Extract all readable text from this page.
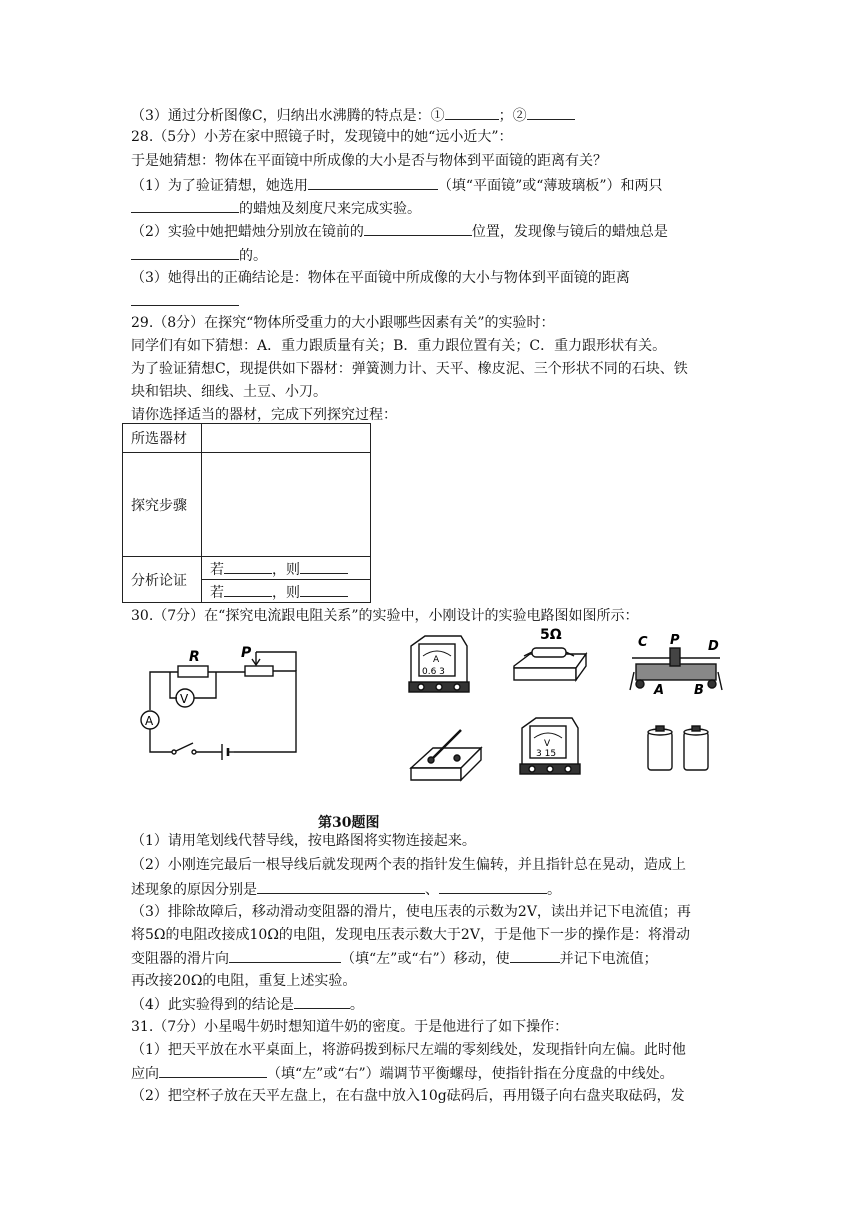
（3）通过分析图像C，归纳出水沸腾的特点是：①	；②
28.（5分）小芳在家中照镜子时，发现镜中的她“远小近大”：
于是她猜想：物体在平面镜中所成像的大小是否与物体到平面镜的距离有关？
（1）为了验证猜想，她选用	（填“平面镜”或“薄玻璃板”）和两只
的蜡烛及刻度尺来完成实验。
（2）实验中她把蜡烛分别放在镜前的	位置，发现像与镜后的蜡烛总是
的。
（3）她得出的正确结论是：物体在平面镜中所成像的大小与物体到平面镜的距离
29.（8分）在探究“物体所受重力的大小跟哪些因素有关”的实验时：
同学们有如下猜想：A．重力跟质量有关；B．重力跟位置有关；C．重力跟形状有关。
为了验证猜想C，现提供如下器材：弹簧测力计、天平、橡皮泥、三个形状不同的石块、铁
块和铝块、细线、土豆、小刀。
请你选择适当的器材，完成下列探究过程：
所选器材	
探究步骤	
分析论证	若 ，则
	若 ，则
30.（7分）在“探究电流跟电阻关系”的实验中，小刚设计的实验电路图如图所示：
R	P
A
V
A
0.6 3
5Ω	C P D
A B
V
3 15
第30题图
（1）请用笔划线代替导线，按电路图将实物连接起来。
（2）小刚连完最后一根导线后就发现两个表的指针发生偏转，并且指针总在晃动，造成上
述现象的原因分别是	、	。
（3）排除故障后，移动滑动变阻器的滑片，使电压表的示数为2V，读出并记下电流值；再
将5Ω的电阻改接成10Ω的电阻，发现电压表示数大于2V，于是他下一步的操作是：将滑动
变阻器的滑片向	（填“左”或“右”）移动，使	并记下电流值；
再改接20Ω的电阻，重复上述实验。
（4）此实验得到的结论是	。
31.（7分）小星喝牛奶时想知道牛奶的密度。于是他进行了如下操作：
（1）把天平放在水平桌面上，将游码拨到标尺左端的零刻线处，发现指针向左偏。此时他
应向	（填“左”或“右”）端调节平衡螺母，使指针指在分度盘的中线处。
（2）把空杯子放在天平左盘上，在右盘中放入10g砝码后，再用镊子向右盘夹取砝码，发
